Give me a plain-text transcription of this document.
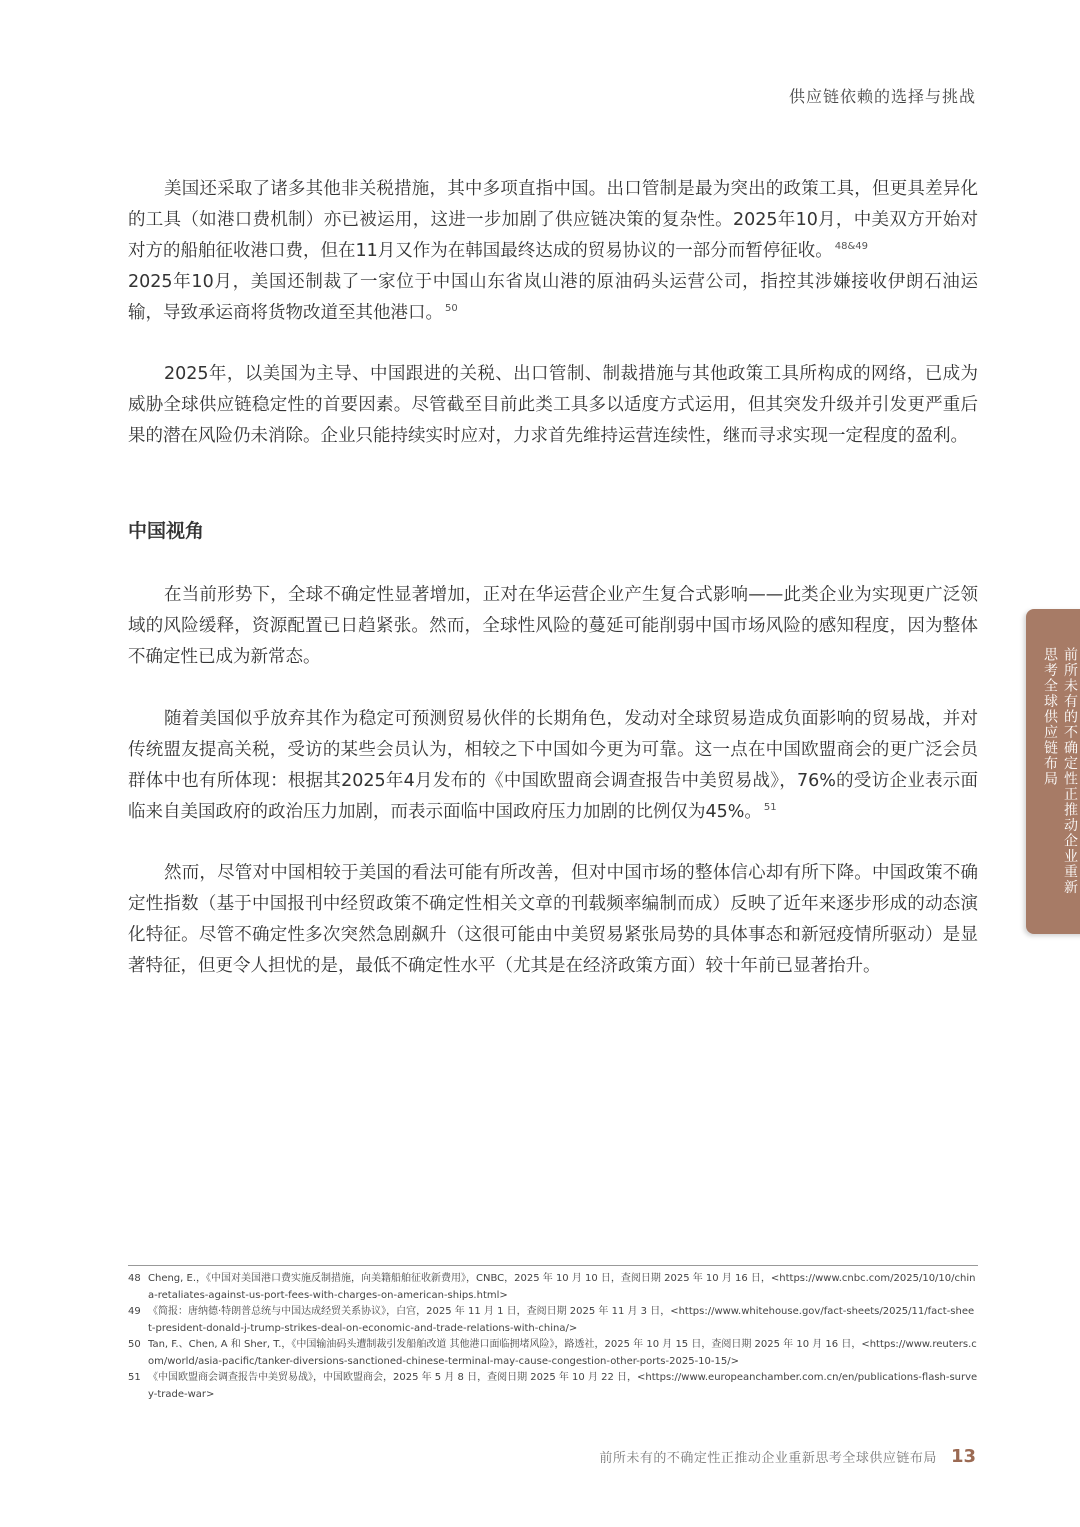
供应链依赖的选择与挑战

美国还采取了诸多其他非关税措施，其中多项直指中国。出口管制是最为突出的政策工具，但更具差异化的工具（如港口费机制）亦已被运用，这进一步加剧了供应链决策的复杂性。2025年10月，中美双方开始对对方的船舶征收港口费，但在11月又作为在韩国最终达成的贸易协议的一部分而暂停征收。 $^{48\&49}$
2025年10月，美国还制裁了一家位于中国山东省岚山港的原油码头运营公司，指控其涉嫌接收伊朗石油运输，导致承运商将货物改道至其他港口。 $^{50}$

2025年，以美国为主导、中国跟进的关税、出口管制、制裁措施与其他政策工具所构成的网络，已成为威胁全球供应链稳定性的首要因素。尽管截至目前此类工具多以适度方式运用，但其突发升级并引发更严重后果的潜在风险仍未消除。企业只能持续实时应对，力求首先维持运营连续性，继而寻求实现一定程度的盈利。

中国视角

在当前形势下，全球不确定性显著增加，正对在华运营企业产生复合式影响——此类企业为实现更广泛领域的风险缓释，资源配置已日趋紧张。然而，全球性风险的蔓延可能削弱中国市场风险的感知程度，因为整体不确定性已成为新常态。

随着美国似乎放弃其作为稳定可预测贸易伙伴的长期角色，发动对全球贸易造成负面影响的贸易战，并对传统盟友提高关税，受访的某些会员认为，相较之下中国如今更为可靠。这一点在中国欧盟商会的更广泛会员群体中也有所体现：根据其2025年4月发布的《中国欧盟商会调查报告中美贸易战》，76%的受访企业表示面临来自美国政府的政治压力加剧，而表示面临中国政府压力加剧的比例仅为45%。 $^{51}$

然而，尽管对中国相较于美国的看法可能有所改善，但对中国市场的整体信心却有所下降。中国政策不确定性指数（基于中国报刊中经贸政策不确定性相关文章的刊载频率编制而成）反映了近年来逐步形成的动态演化特征。尽管不确定性多次突然急剧飙升（这很可能由中美贸易紧张局势的具体事态和新冠疫情所驱动）是显著特征，但更令人担忧的是，最低不确定性水平（尤其是在经济政策方面）较十年前已显著抬升。

前所未有的不确定性正推动企业重新思考全球供应链布局
48 Cheng, E.，《中国对美国港口费实施反制措施，向美籍船舶征收新费用》，CNBC，2025 年 10 月 10 日，查阅日期 2025 年 10 月 16 日，<https://www.cnbc.com/2025/10/10/china-retaliates-against-us-port-fees-with-charges-on-american-ships.html>
49 《简报：唐纳德·特朗普总统与中国达成经贸关系协议》，白宫，2025 年 11 月 1 日，查阅日期 2025 年 11 月 3 日，<https://www.whitehouse.gov/fact-sheets/2025/11/fact-sheet-president-donald-j-trump-strikes-deal-on-economic-and-trade-relations-with-china/>
50 Tan, F.、Chen, A 和 Sher, T.，《中国输油码头遭制裁引发船舶改道 其他港口面临拥堵风险》，路透社，2025 年 10 月 15 日，查阅日期 2025 年 10 月 16 日，<https://www.reuters.com/world/asia-pacific/tanker-diversions-sanctioned-chinese-terminal-may-cause-congestion-other-ports-2025-10-15/>
51 《中国欧盟商会调查报告中美贸易战》，中国欧盟商会，2025 年 5 月 8 日，查阅日期 2025 年 10 月 22 日，<https://www.europeanchamber.com.cn/en/publications-flash-survey-trade-war>
前所未有的不确定性正推动企业重新思考全球供应链布局 13
